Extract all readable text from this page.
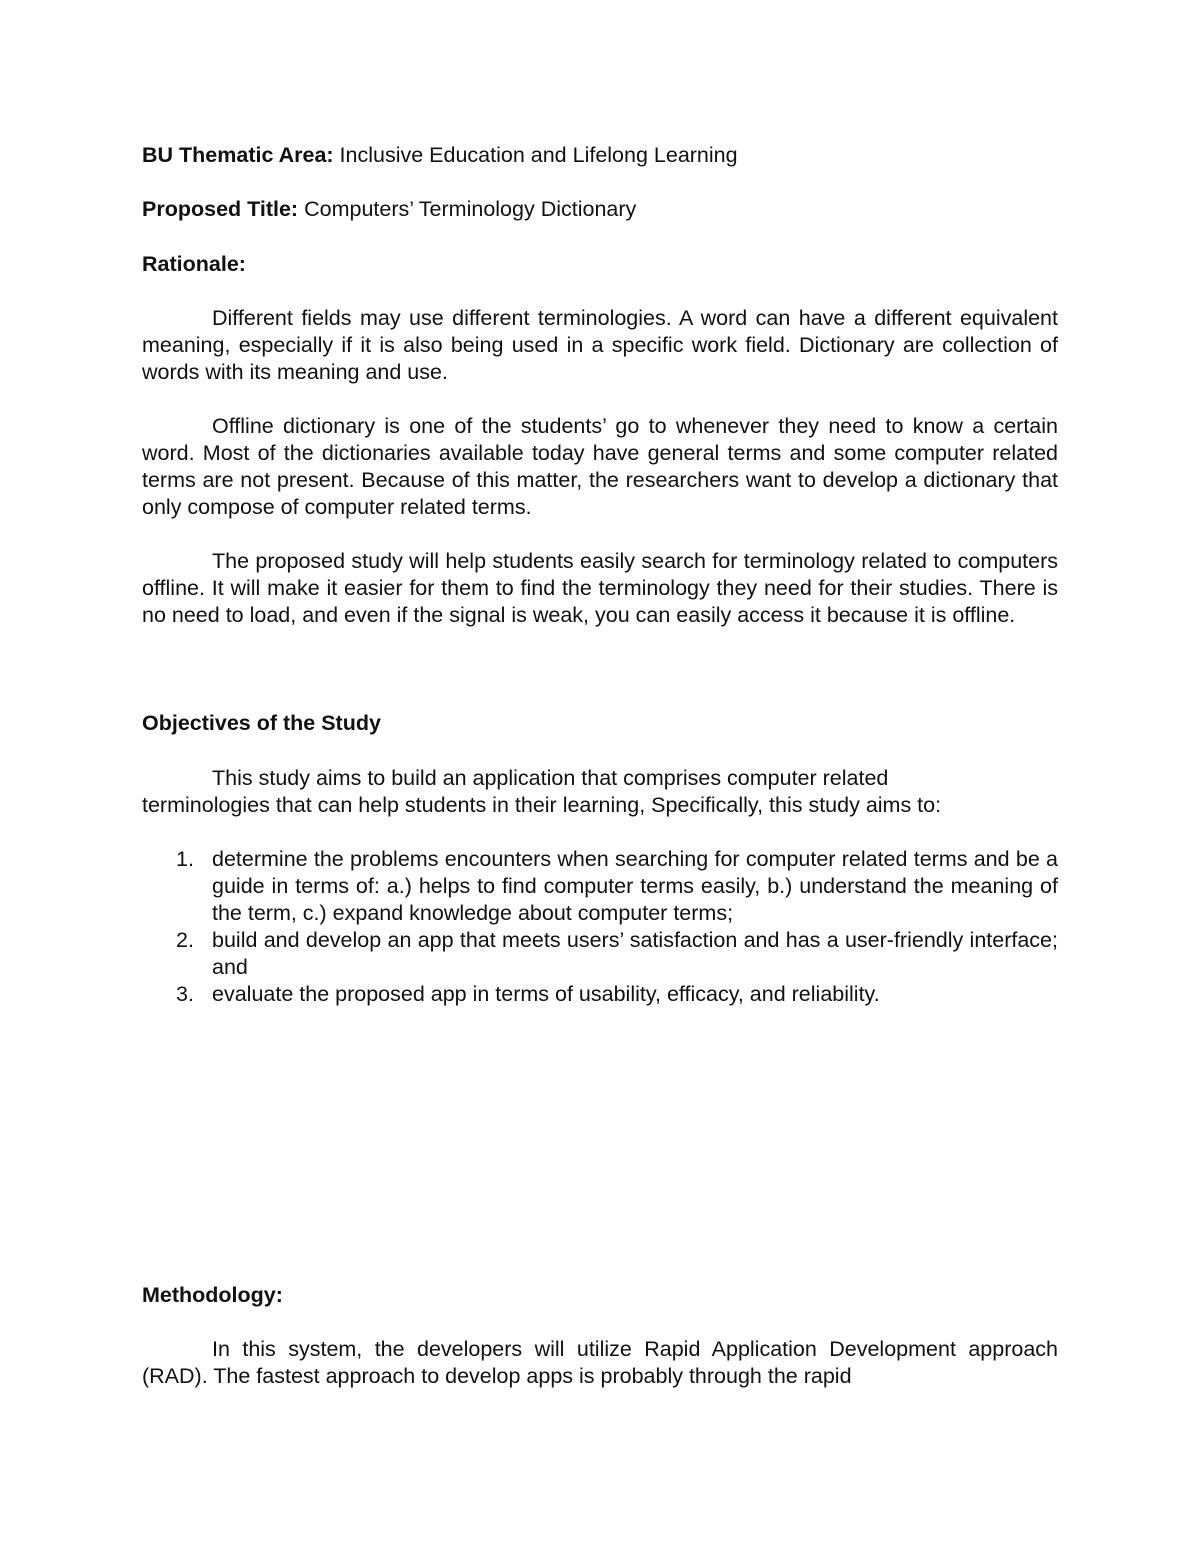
BU Thematic Area: Inclusive Education and Lifelong Learning
Proposed Title: Computers’ Terminology Dictionary
Rationale:

Different fields may use different terminologies. A word can have a different equivalent meaning, especially if it is also being used in a specific work field. Dictionary are collection of words with its meaning and use.

Offline dictionary is one of the students’ go to whenever they need to know a certain word. Most of the dictionaries available today have general terms and some computer related terms are not present. Because of this matter, the researchers want to develop a dictionary that only compose of computer related terms.

The proposed study will help students easily search for terminology related to computers offline. It will make it easier for them to find the terminology they need for their studies. There is no need to load, and even if the signal is weak, you can easily access it because it is offline.

Objectives of the Study

This study aims to build an application that comprises computer related terminologies that can help students in their learning, Specifically, this study aims to:

1. determine the problems encounters when searching for computer related terms and be a guide in terms of: a.) helps to find computer terms easily, b.) understand the meaning of the term, c.) expand knowledge about computer terms;
2. build and develop an app that meets users’ satisfaction and has a user-friendly interface; and
3. evaluate the proposed app in terms of usability, efficacy, and reliability.
Methodology:

In this system, the developers will utilize Rapid Application Development approach (RAD). The fastest approach to develop apps is probably through the rapid
